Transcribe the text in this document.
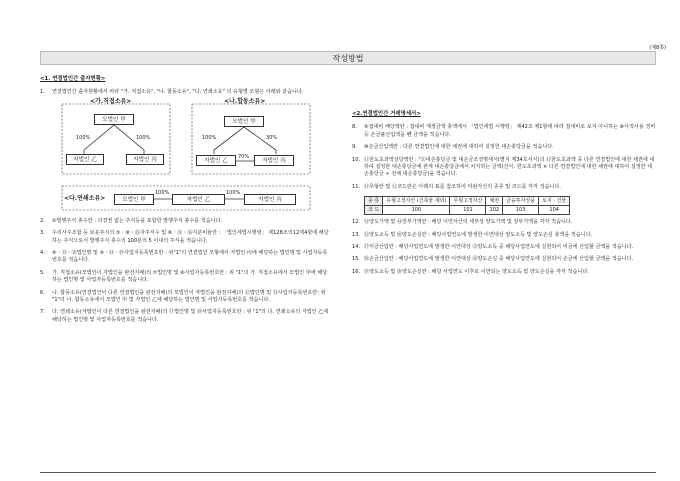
(제8쪽)
작성방법
<1. 연결법인간 출자현황>
1. 연결법인간 출자현황에서 따라 "가. 직접소유", "나. 합동소유", "다. 연쇄소유" 의 유형별 모형은 아래와 같습니다.
<가.직접소유>	<나.합동소유>
모법인 甲
100%	100%
자법인 乙	자법인 丙
모법인 甲
100%	30%
70%
자법인 乙	자법인 丙
<다.연쇄소유>	모법인 甲
100%
자법인 乙
100%
자법인 丙
2. ⑤발행주식 총수란 : 의결권 없는 주식등을 포함한 발행주식 총수를 적습니다.
3. 우리사주조합 등 보유주식의 ⑤ㆍ⑩ㆍ⑮자주식수 및 ⑥ㆍ⑪ㆍ⑯지분비율란 : 「법인세법시행령」 제128조의12제4항에 해당하는 주식으로서 발행주식 총수의 100분의 5 이내의 주식을 적습니다.
4. ⑧ㆍ⑬ㆍ⑱법인명 및 ⑨ㆍ⑭ㆍ⑲사업자등록번호란 : 위"1"의 연결법인 모형에서 자법인 丙에 해당하는 법인명 및 사업자등록번호를 적습니다.
5. 가. 직접소유(모법인이 자법인을 완전지배)의 ⑦법인명 및 ⑧사업자등록번호란 : 위 "1"의 가. 직접소유에서 모법인 甲에 해당하는 법인명 및 사업자등록번호를 적습니다.
6. 나. 합동소유(연결법인이 다른 연결법인을 완전지배)의 모법인이 자법인을 완전지배)의 ⑫법인명 및 ⑬사업자등록번호란: 위 "1"의 나. 합동소유에서 모법인 甲 및 자법인 乙에 해당하는 법인명 및 사업자등록번호를 적습니다.
7. 다. 연쇄소유(자법인이 다른 연결법인을 완전지배)의 ⑰법인명 및 ⑱사업자등록번호란 : 위 "1"의 다. 연쇄소유의 자법인 乙에 해당하는 법인명 및 사업자등록번호를 적습니다.
<2.연결법인간 거래명세서>
8. ⑨접대비 해당액란 : 접대비 계정금액 총액에서 「법인세법 시행령」 제42조 제1항에 따라 접대비로 보지 아니하는 ⑩사적사용 경비등 손금불산입액을 뺀 금액을 적습니다.
9. ⑩손금산입액란 : 다른 연결법인에 대한 채권에 대하여 설정한 대손충당금을 적습니다.
10. ⑪한도초과액상당액란 : "⑪대손충당금 및 대손금조정명세서(별지 제34호서식)의 ⑪한도초과액 중 다른 연결법인에 대한 채권에 대하여 설정한 대손충당금에 관계 대손충당금에서 차지하는 금액(산식: 한도초과액 × 다른 연결법인에 대한 채권에 대하여 설정한 대손충당금 ÷ 전체 대손충당금)을 적습니다.
11. ⑪무형란 및 ⑫코드란은 아래의 표를 참조하여 미완자산의 종류 및 코드를 각각 적습니다.
종 류	유형고정자산 (건축물 제외)	무형고정자산	채권	금융투자상품	토지ㆍ건물
코 드	100	101	102	103	104
12. ⑬양도가액 및 ⑭장부가액란 : 해당 이연자산의 세부상 양도가액 및 장부가액을 각각 적습니다.
13. ⑮양도소득 및 ⑯양도손실란 : 해당사업연도에 발생한 이연대상 양도소득 및 양도손실 총액을 적습니다.
14. ⑰익금산입란 : 해당사업연도에 발생한 이연대상 ⑮양도소득 중 해당사업연도에 실현되어 익금에 산입할 금액을 적습니다.
15. ⑱손금산입란 : 해당사업연도에 발생한 이연대상 ⑯양도손실 중 해당사업연도에 실현되어 손금에 산입할 금액을 적습니다.
16. ⑲양도소득 및 ⑳양도손실란 : 해당 사업연도 이후로 이연되는 양도소득 및 양도손실을 각각 적습니다.
